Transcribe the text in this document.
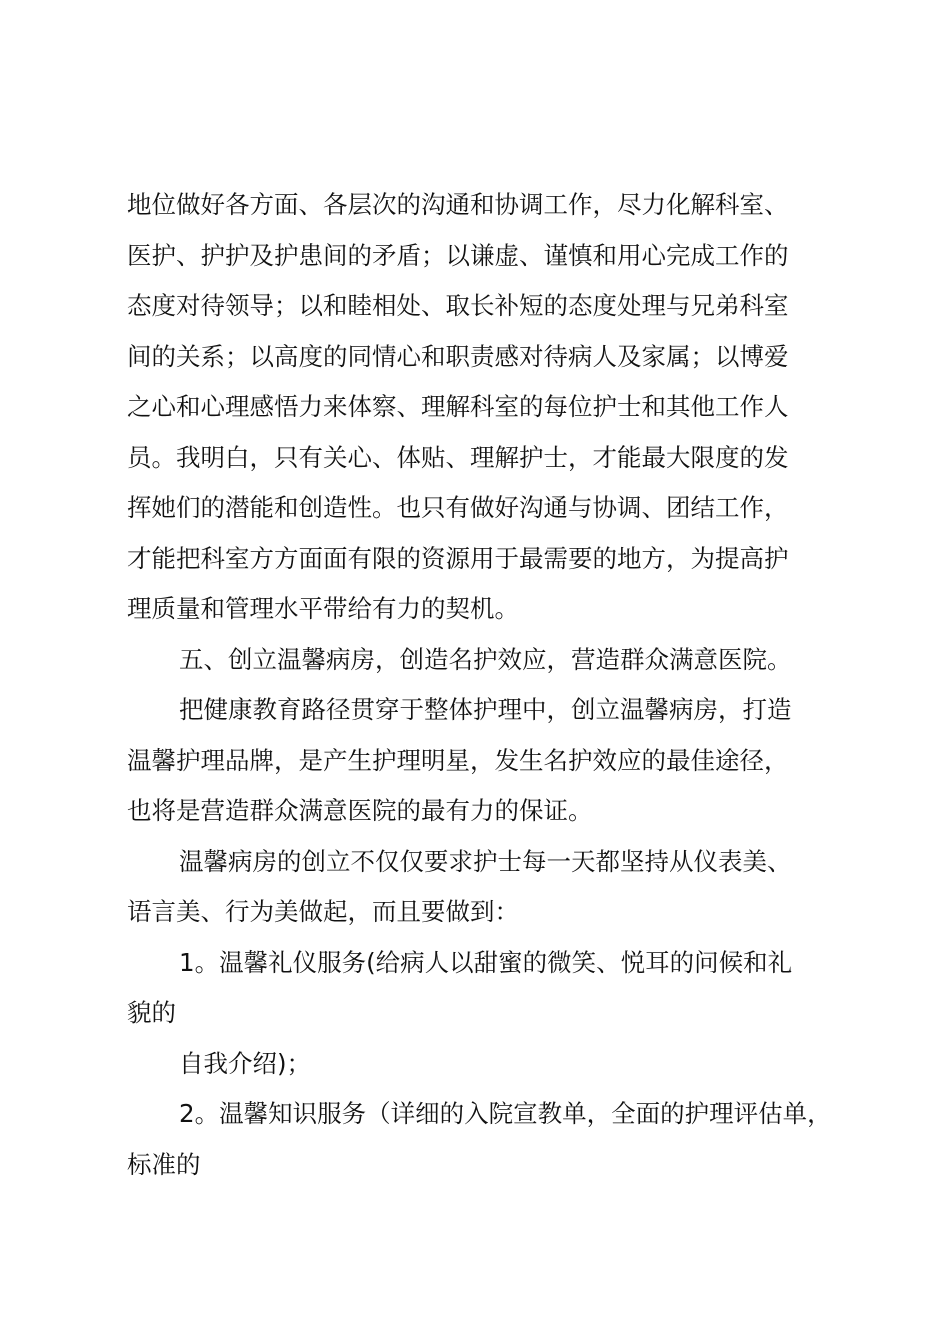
地位做好各方面、各层次的沟通和协调工作，尽力化解科室、
医护、护护及护患间的矛盾；以谦虚、谨慎和用心完成工作的
态度对待领导；以和睦相处、取长补短的态度处理与兄弟科室
间的关系；以高度的同情心和职责感对待病人及家属；以博爱
之心和心理感悟力来体察、理解科室的每位护士和其他工作人
员。我明白，只有关心、体贴、理解护士，才能最大限度的发
挥她们的潜能和创造性。也只有做好沟通与协调、团结工作，
才能把科室方方面面有限的资源用于最需要的地方，为提高护
理质量和管理水平带给有力的契机。
五、创立温馨病房，创造名护效应，营造群众满意医院。
把健康教育路径贯穿于整体护理中，创立温馨病房，打造
温馨护理品牌，是产生护理明星，发生名护效应的最佳途径，
也将是营造群众满意医院的最有力的保证。
温馨病房的创立不仅仅要求护士每一天都坚持从仪表美、
语言美、行为美做起，而且要做到：
1。温馨礼仪服务(给病人以甜蜜的微笑、悦耳的问候和礼
貌的
自我介绍)；
2。温馨知识服务（详细的入院宣教单，全面的护理评估单，
标准的
